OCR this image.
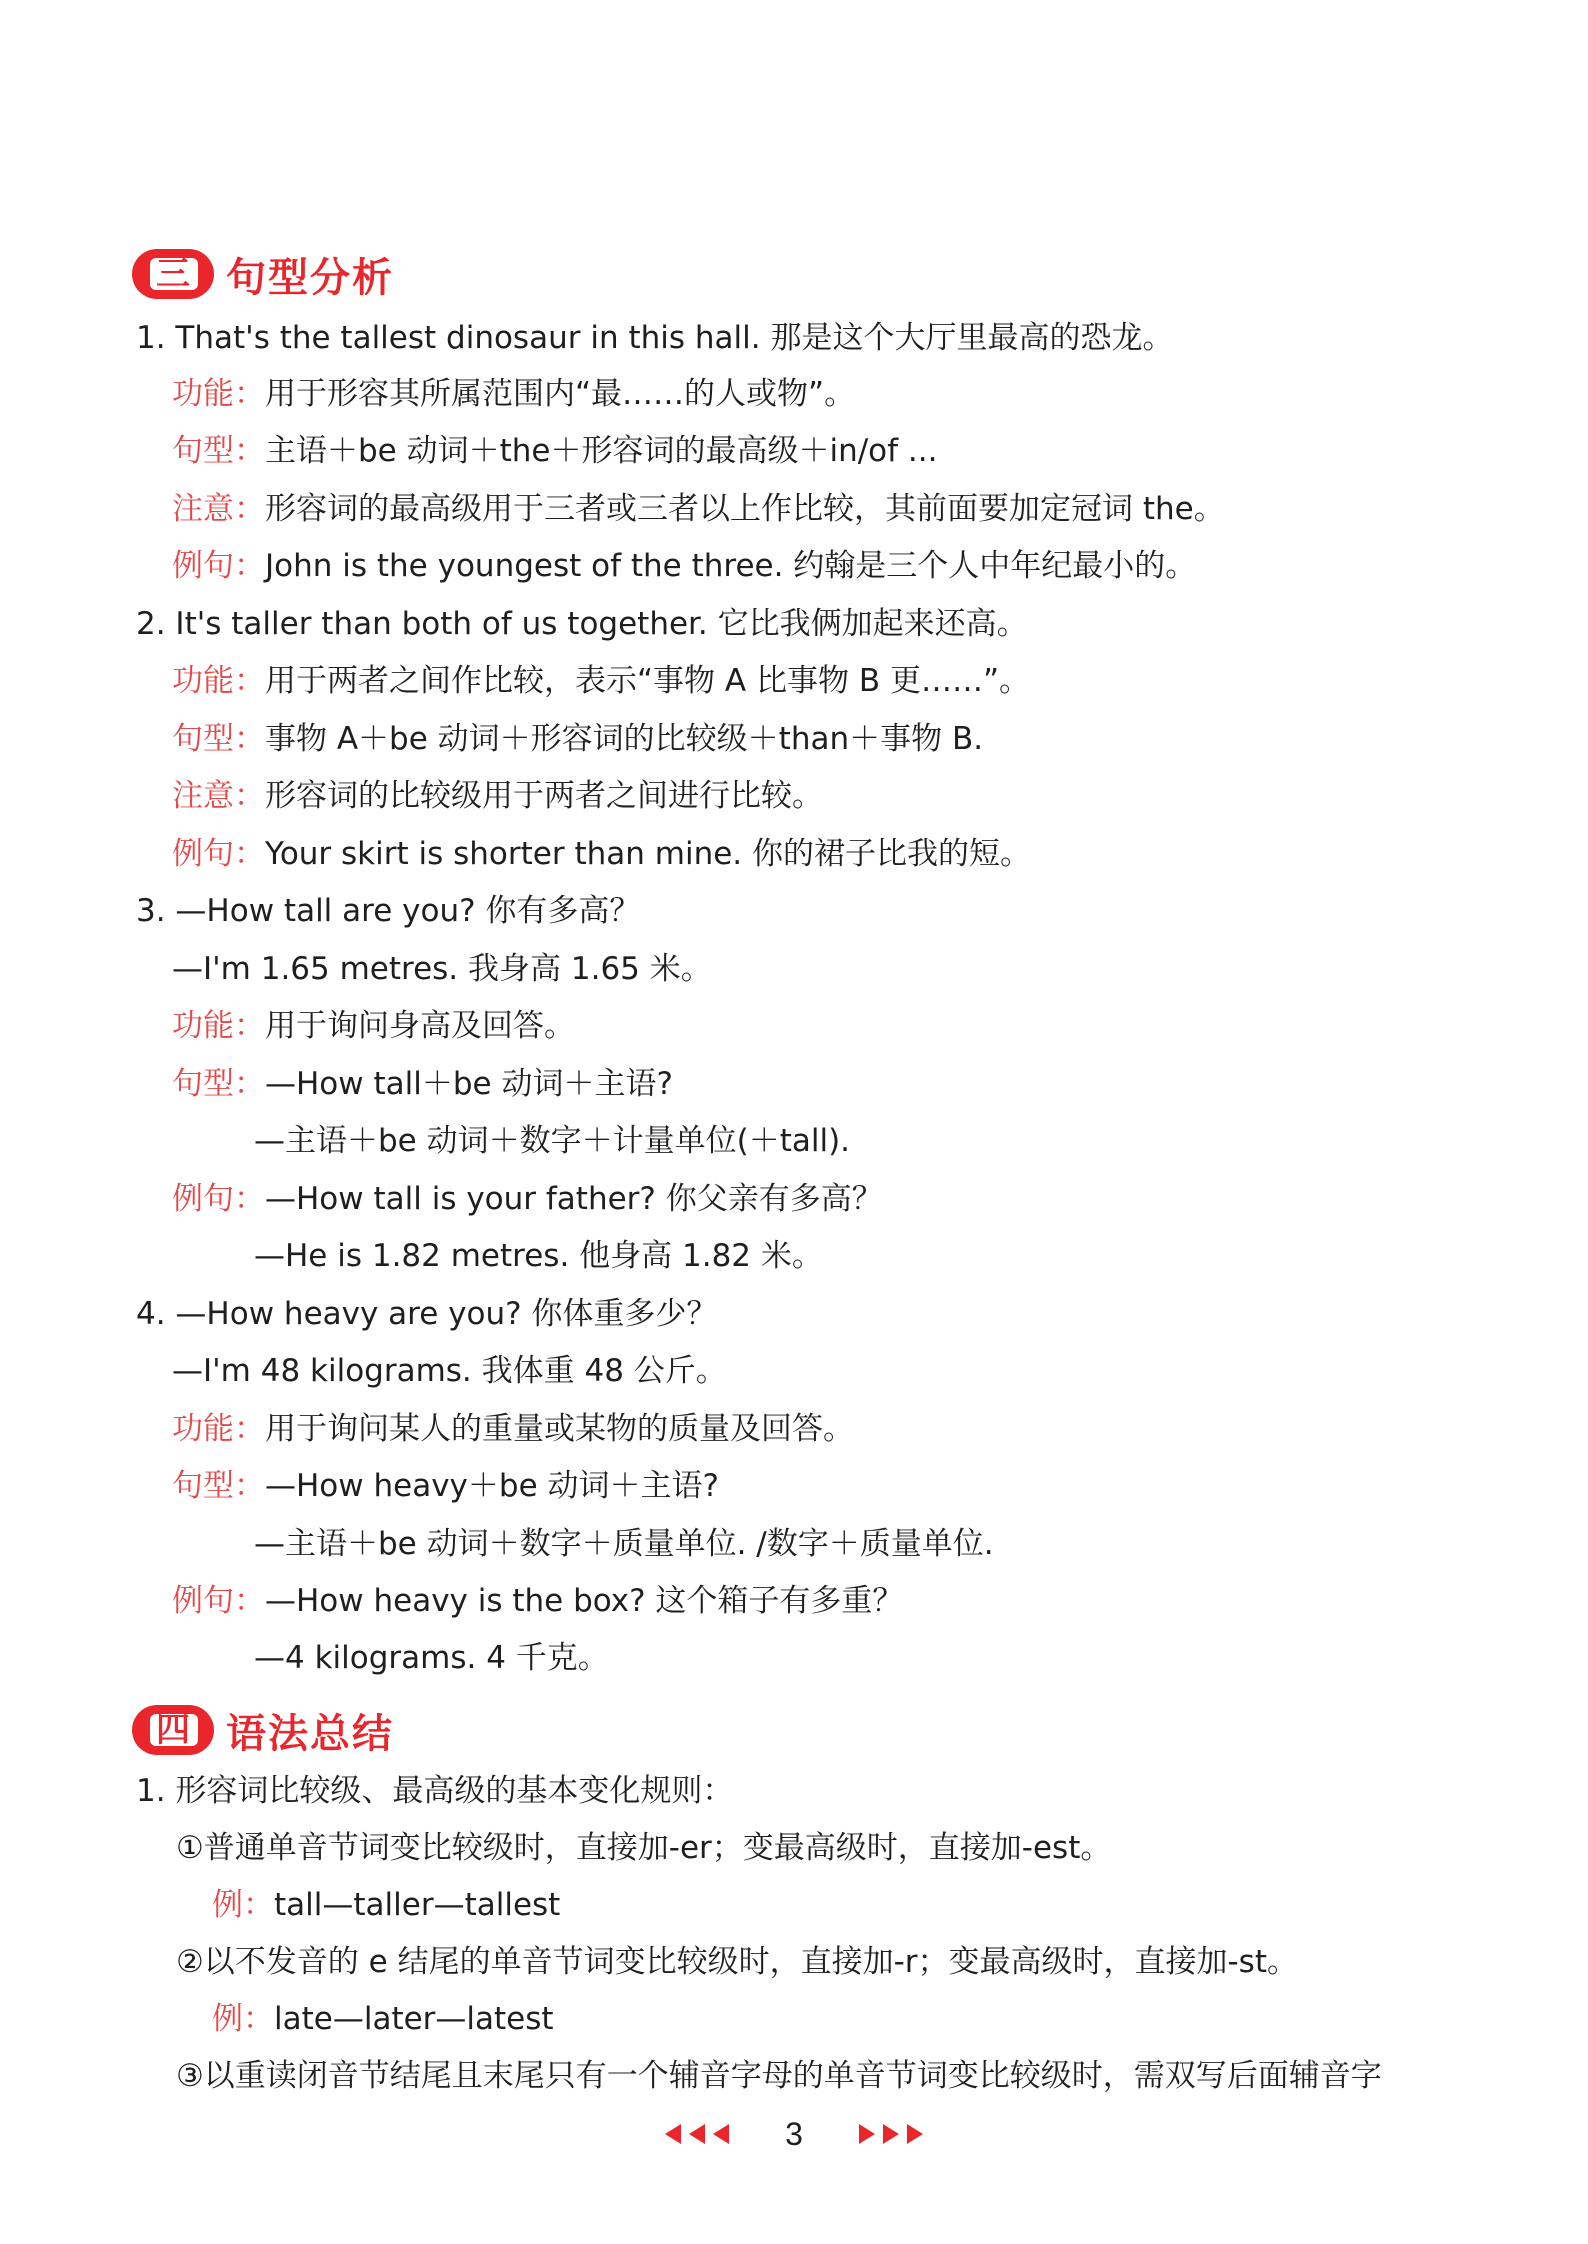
三 句型分析
1. That's the tallest dinosaur in this hall. 那是这个大厅里最高的恐龙。
功能：用于形容其所属范围内“最……的人或物”。
句型：主语＋be 动词＋the＋形容词的最高级＋in/of ...
注意：形容词的最高级用于三者或三者以上作比较，其前面要加定冠词 the。
例句：John is the youngest of the three. 约翰是三个人中年纪最小的。
2. It's taller than both of us together. 它比我俩加起来还高。
功能：用于两者之间作比较，表示“事物 A 比事物 B 更……”。
句型：事物 A＋be 动词＋形容词的比较级＋than＋事物 B.
注意：形容词的比较级用于两者之间进行比较。
例句：Your skirt is shorter than mine. 你的裙子比我的短。
3. —How tall are you? 你有多高？
—I'm 1.65 metres. 我身高 1.65 米。
功能：用于询问身高及回答。
句型：—How tall＋be 动词＋主语?
—主语＋be 动词＋数字＋计量单位(＋tall).
例句：—How tall is your father? 你父亲有多高？
—He is 1.82 metres. 他身高 1.82 米。
4. —How heavy are you? 你体重多少？
—I'm 48 kilograms. 我体重 48 公斤。
功能：用于询问某人的重量或某物的质量及回答。
句型：—How heavy＋be 动词＋主语?
—主语＋be 动词＋数字＋质量单位. /数字＋质量单位.
例句：—How heavy is the box? 这个箱子有多重？
—4 kilograms. 4 千克。
四 语法总结
1. 形容词比较级、最高级的基本变化规则：
①普通单音节词变比较级时，直接加-er；变最高级时，直接加-est。
例：tall—taller—tallest
②以不发音的 e 结尾的单音节词变比较级时，直接加-r；变最高级时，直接加-st。
例：late—later—latest
③以重读闭音节结尾且末尾只有一个辅音字母的单音节词变比较级时，需双写后面辅音字
3
